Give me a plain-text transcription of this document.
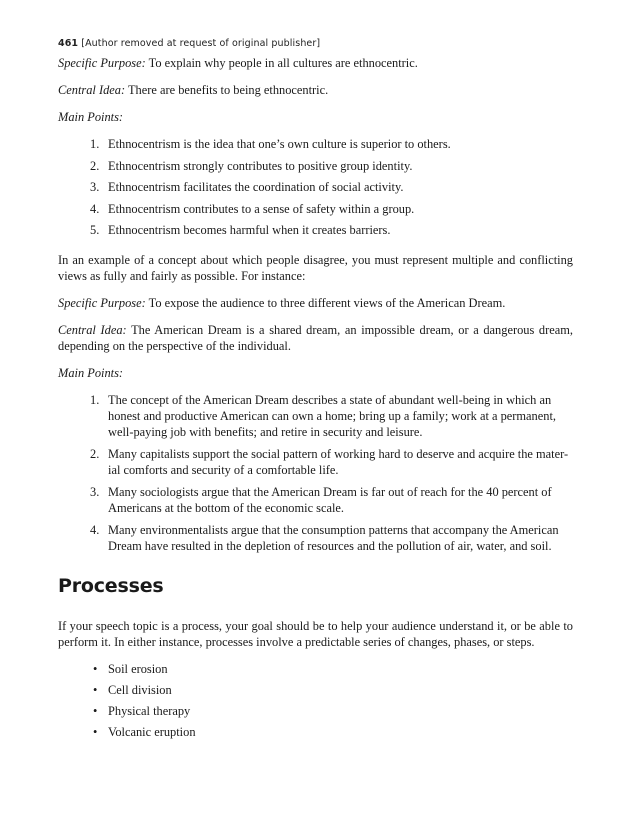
461 [Author removed at request of original publisher]

Specific Purpose: To explain why people in all cultures are ethnocentric.

Central Idea: There are benefits to being ethnocentric.

Main Points:

1. Ethnocentrism is the idea that one’s own culture is superior to others.
2. Ethnocentrism strongly contributes to positive group identity.
3. Ethnocentrism facilitates the coordination of social activity.
4. Ethnocentrism contributes to a sense of safety within a group.
5. Ethnocentrism becomes harmful when it creates barriers.

In an example of a concept about which people disagree, you must represent multiple and conflicting views as fully and fairly as possible. For instance:

Specific Purpose: To expose the audience to three different views of the American Dream.

Central Idea: The American Dream is a shared dream, an impossible dream, or a dangerous dream, depending on the perspective of the individual.

Main Points:

1. The concept of the American Dream describes a state of abundant well-being in which an honest and productive American can own a home; bring up a family; work at a permanent, well-paying job with benefits; and retire in security and leisure.
2. Many capitalists support the social pattern of working hard to deserve and acquire the mater-ial comforts and security of a comfortable life.
3. Many sociologists argue that the American Dream is far out of reach for the 40 percent of Americans at the bottom of the economic scale.
4. Many environmentalists argue that the consumption patterns that accompany the American Dream have resulted in the depletion of resources and the pollution of air, water, and soil.
Processes

If your speech topic is a process, your goal should be to help your audience understand it, or be able to perform it. In either instance, processes involve a predictable series of changes, phases, or steps.

• Soil erosion
• Cell division
• Physical therapy
• Volcanic eruption
